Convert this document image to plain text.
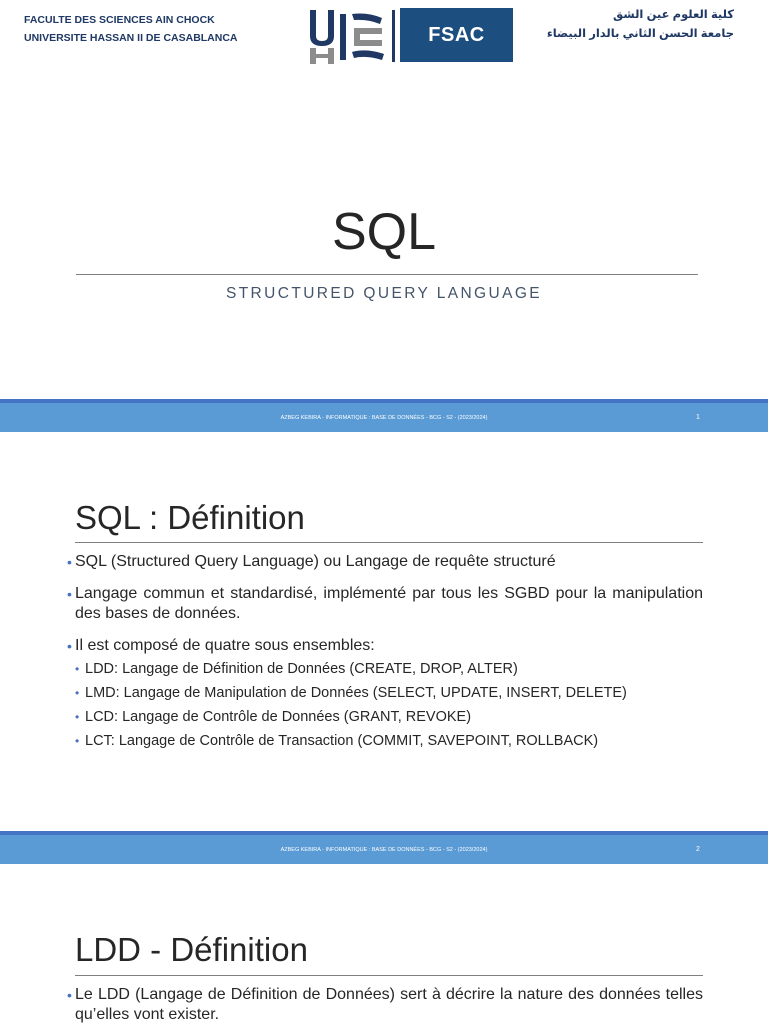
FACULTE DES SCIENCES AIN CHOCK
UNIVERSITE HASSAN II DE CASABLANCA	FSAC
كلية العلوم عين الشق
جامعة الحسن الثاني بالدار البيضاء
SQL
STRUCTURED QUERY LANGUAGE
AZBEG KEBIRA - INFORMATIQUE : BASE DE DONNÉES - BCG - S2 - (2023/2024)	1
SQL : Définition
• SQL (Structured Query Language) ou Langage de requête structuré
• Langage commun et standardisé, implémenté par tous les SGBD pour la manipulation des bases de données.
• Il est composé de quatre sous ensembles:
• LDD: Langage de Définition de Données (CREATE, DROP, ALTER)
• LMD: Langage de Manipulation de Données (SELECT, UPDATE, INSERT, DELETE)
• LCD: Langage de Contrôle de Données (GRANT, REVOKE)
• LCT: Langage de Contrôle de Transaction (COMMIT, SAVEPOINT, ROLLBACK)
AZBEG KEBIRA - INFORMATIQUE : BASE DE DONNÉES - BCG - S2 - (2023/2024)	2
LDD - Définition
• Le LDD (Langage de Définition de Données) sert à décrire la nature des données telles qu’elles vont exister.
